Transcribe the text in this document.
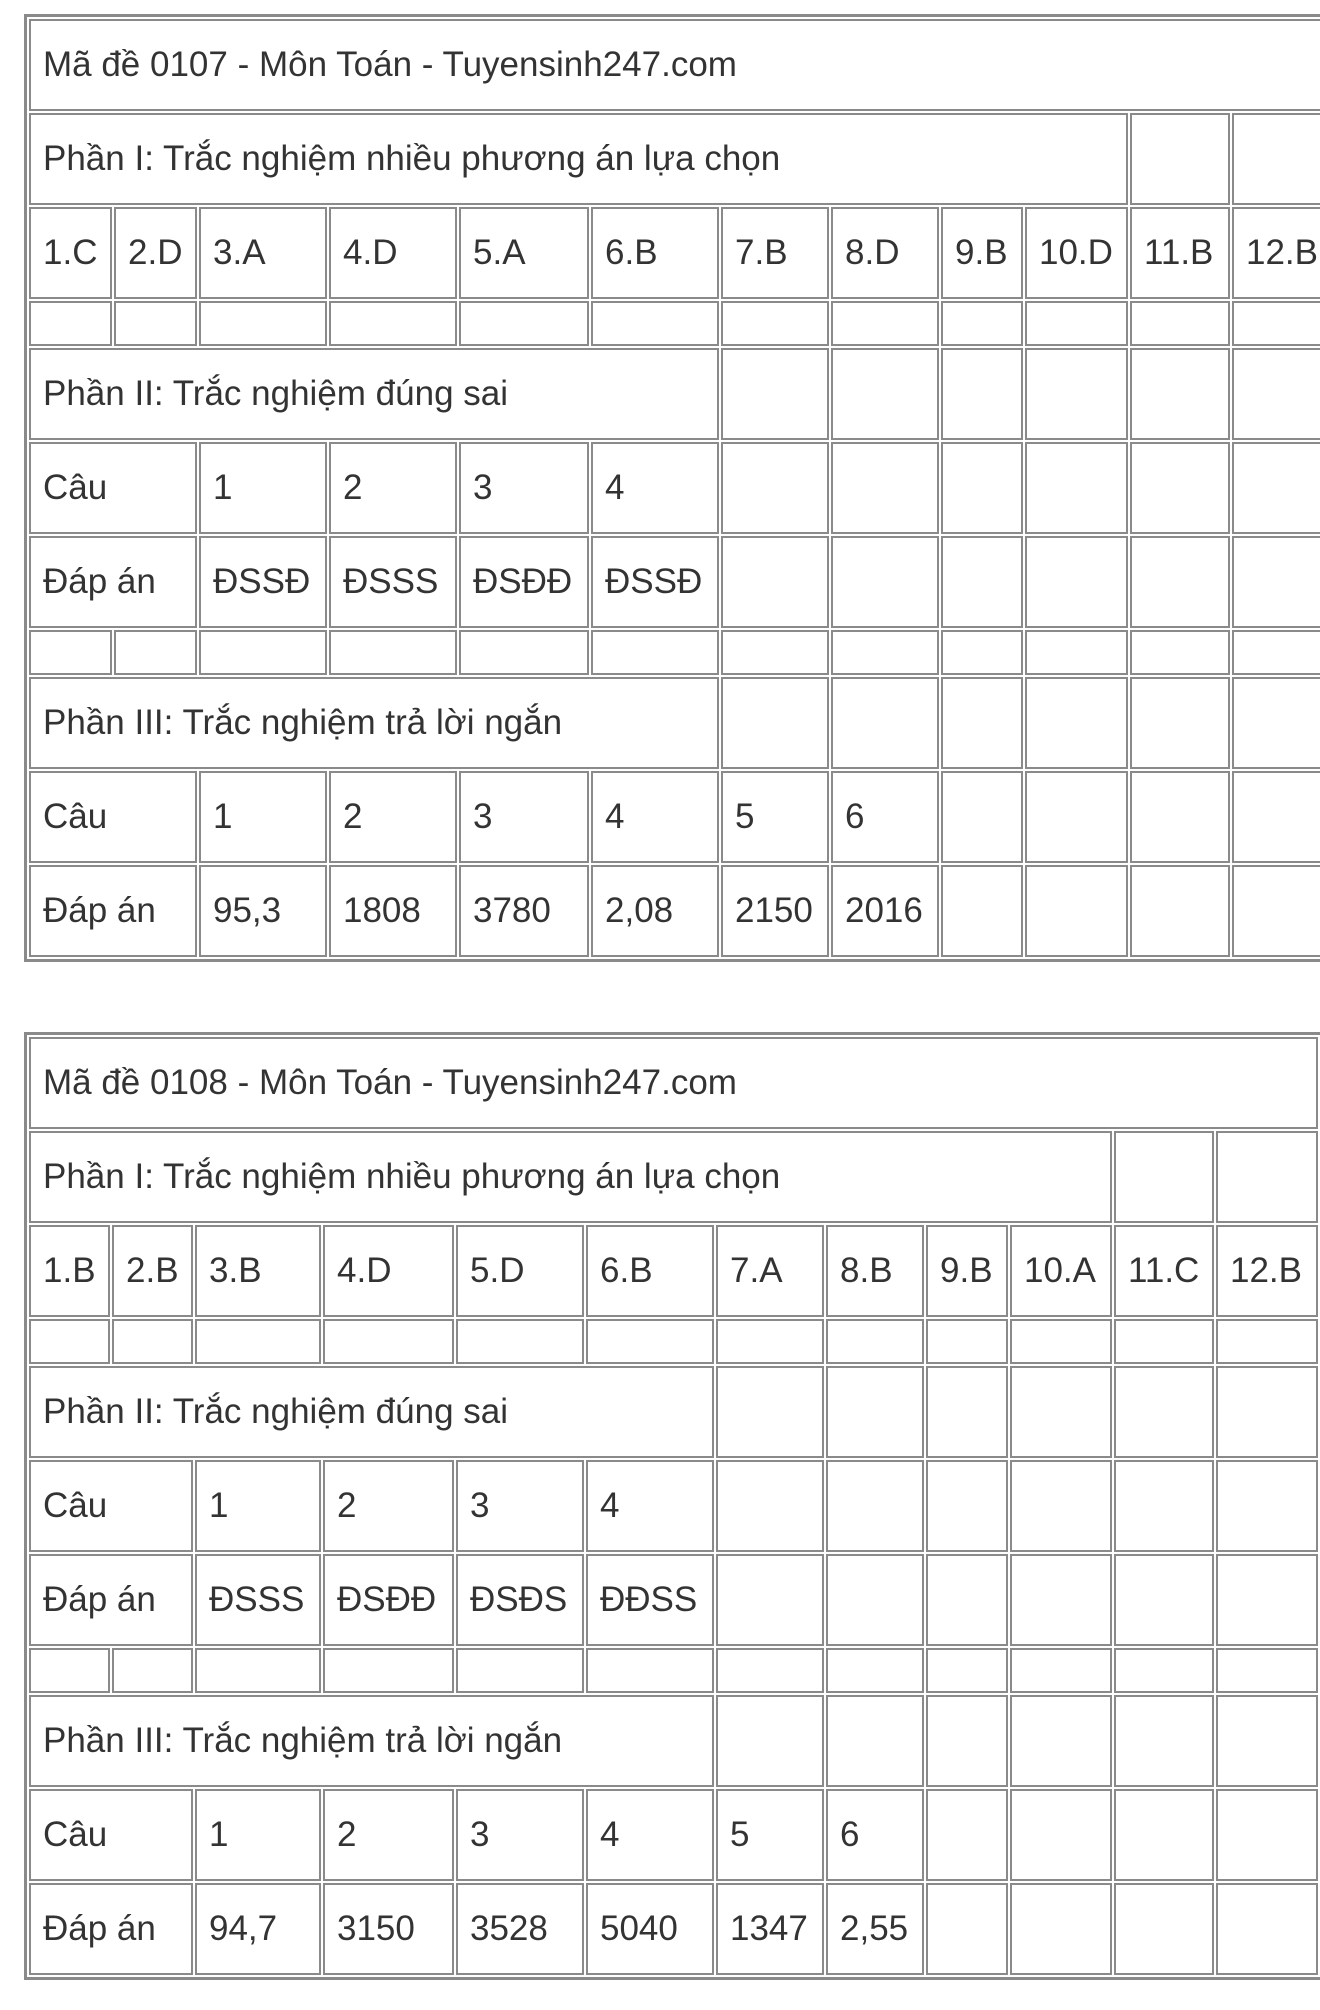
Mã đề 0107 - Môn Toán - Tuyensinh247.com											
Phần I: Trắc nghiệm nhiều phương án lựa chọn											
1.C	2.D	3.A	4.D	5.A	6.B	7.B	8.D	9.B	10.D	11.B	12.B

Phần II: Trắc nghiệm đúng sai											
Câu		1	2	3	4						
Đáp án		ĐSSĐ	ĐSSS	ĐSĐĐ	ĐSSĐ						

Phần III: Trắc nghiệm trả lời ngắn											
Câu		1	2	3	4	5	6				
Đáp án		95,3	1808	3780	2,08	2150	2016				
Mã đề 0108 - Môn Toán - Tuyensinh247.com											
Phần I: Trắc nghiệm nhiều phương án lựa chọn											
1.B	2.B	3.B	4.D	5.D	6.B	7.A	8.B	9.B	10.A	11.C	12.B

Phần II: Trắc nghiệm đúng sai											
Câu		1	2	3	4						
Đáp án		ĐSSS	ĐSĐĐ	ĐSĐS	ĐĐSS						

Phần III: Trắc nghiệm trả lời ngắn											
Câu		1	2	3	4	5	6				
Đáp án		94,7	3150	3528	5040	1347	2,55				
